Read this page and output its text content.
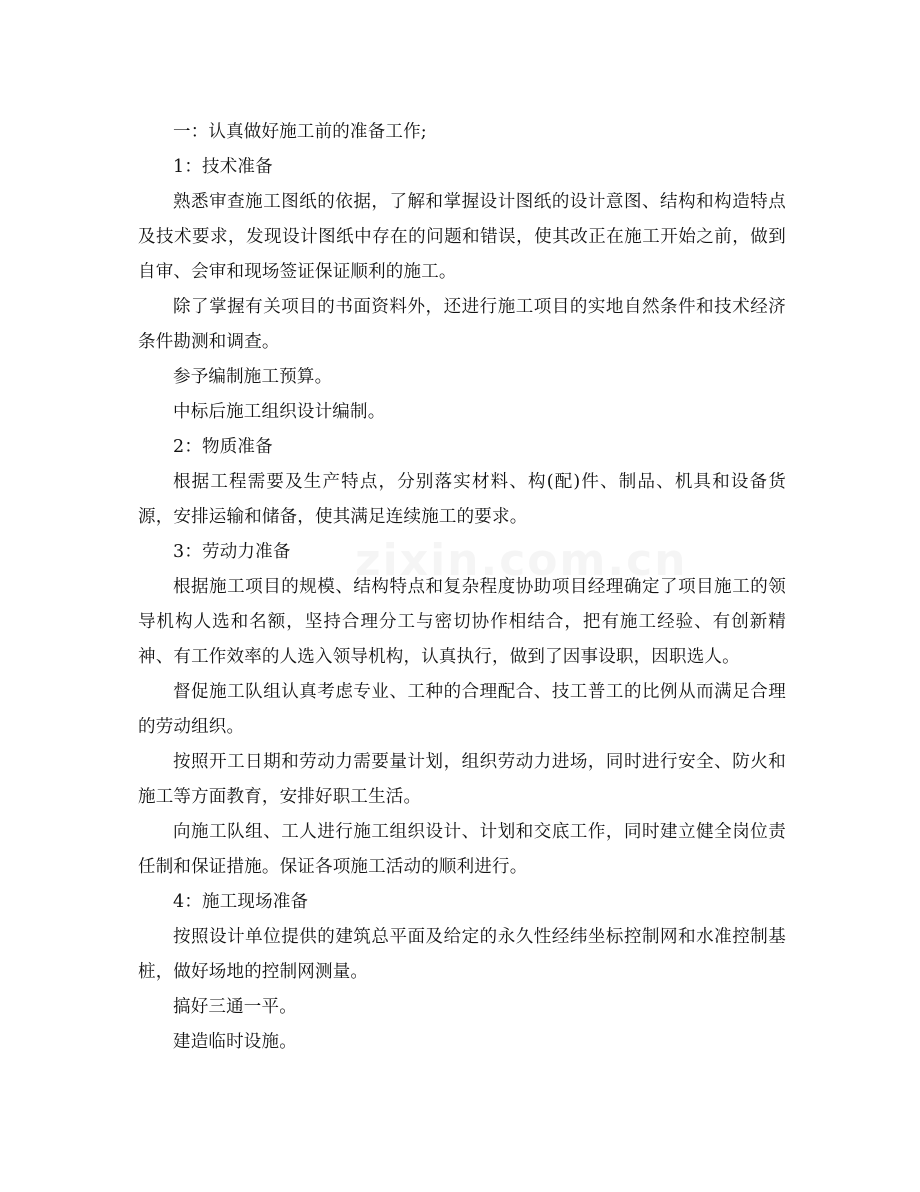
zixin.com.cn

一：认真做好施工前的准备工作;

1：技术准备

熟悉审查施工图纸的依据，了解和掌握设计图纸的设计意图、结构和构造特点及技术要求，发现设计图纸中存在的问题和错误，使其改正在施工开始之前，做到自审、会审和现场签证保证顺利的施工。

除了掌握有关项目的书面资料外，还进行施工项目的实地自然条件和技术经济条件勘测和调查。

参予编制施工预算。

中标后施工组织设计编制。

2：物质准备

根据工程需要及生产特点，分别落实材料、构(配)件、制品、机具和设备货源，安排运输和储备，使其满足连续施工的要求。

3：劳动力准备

根据施工项目的规模、结构特点和复杂程度协助项目经理确定了项目施工的领导机构人选和名额，坚持合理分工与密切协作相结合，把有施工经验、有创新精神、有工作效率的人选入领导机构，认真执行，做到了因事设职，因职选人。

督促施工队组认真考虑专业、工种的合理配合、技工普工的比例从而满足合理的劳动组织。

按照开工日期和劳动力需要量计划，组织劳动力进场，同时进行安全、防火和施工等方面教育，安排好职工生活。

向施工队组、工人进行施工组织设计、计划和交底工作，同时建立健全岗位责任制和保证措施。保证各项施工活动的顺利进行。

4：施工现场准备

按照设计单位提供的建筑总平面及给定的永久性经纬坐标控制网和水准控制基桩，做好场地的控制网测量。

搞好三通一平。

建造临时设施。
